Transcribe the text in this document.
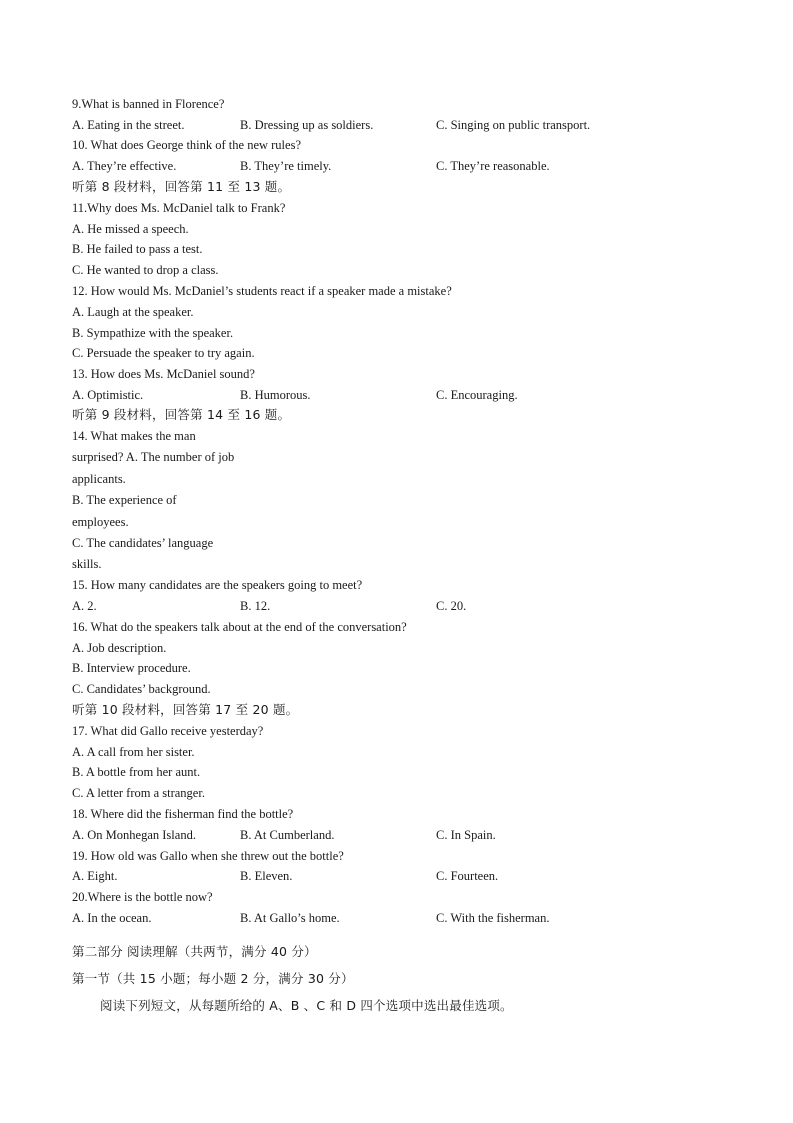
9.What is banned in Florence?
A. Eating in the street.	B. Dressing up as soldiers.	C. Singing on public transport.
10. What does George think of the new rules?
A. They’re effective.	B. They’re timely.	C. They’re reasonable.
听第 8 段材料，回答第 11 至 13 题。
11.Why does Ms. McDaniel talk to Frank?
A. He missed a speech.
B. He failed to pass a test.
C. He wanted to drop a class.
12. How would Ms. McDaniel’s students react if a speaker made a mistake?
A. Laugh at the speaker.
B. Sympathize with the speaker.
C. Persuade the speaker to try again.
13. How does Ms. McDaniel sound?
A. Optimistic.	B. Humorous.	C. Encouraging.
听第 9 段材料，回答第 14 至 16 题。
14. What makes the man
surprised? A. The number of job
applicants.
B. The experience of
employees.
C. The candidates’ language
skills.
15. How many candidates are the speakers going to meet?
A. 2.	B. 12.	C. 20.
16. What do the speakers talk about at the end of the conversation?
A. Job description.
B. Interview procedure.
C. Candidates’ background.
听第 10 段材料，回答第 17 至 20 题。
17. What did Gallo receive yesterday?
A. A call from her sister.
B. A bottle from her aunt.
C. A letter from a stranger.
18. Where did the fisherman find the bottle?
A. On Monhegan Island.	B. At Cumberland.	C. In Spain.
19. How old was Gallo when she threw out the bottle?
A. Eight.	B. Eleven.	C. Fourteen.
20.Where is the bottle now?
A. In the ocean.	B. At Gallo’s home.	C. With the fisherman.
第二部分 阅读理解（共两节，满分 40 分）
第一节（共 15 小题；每小题 2 分，满分 30 分）
阅读下列短文，从每题所给的 A、B 、C 和 D 四个选项中选出最佳选项。
